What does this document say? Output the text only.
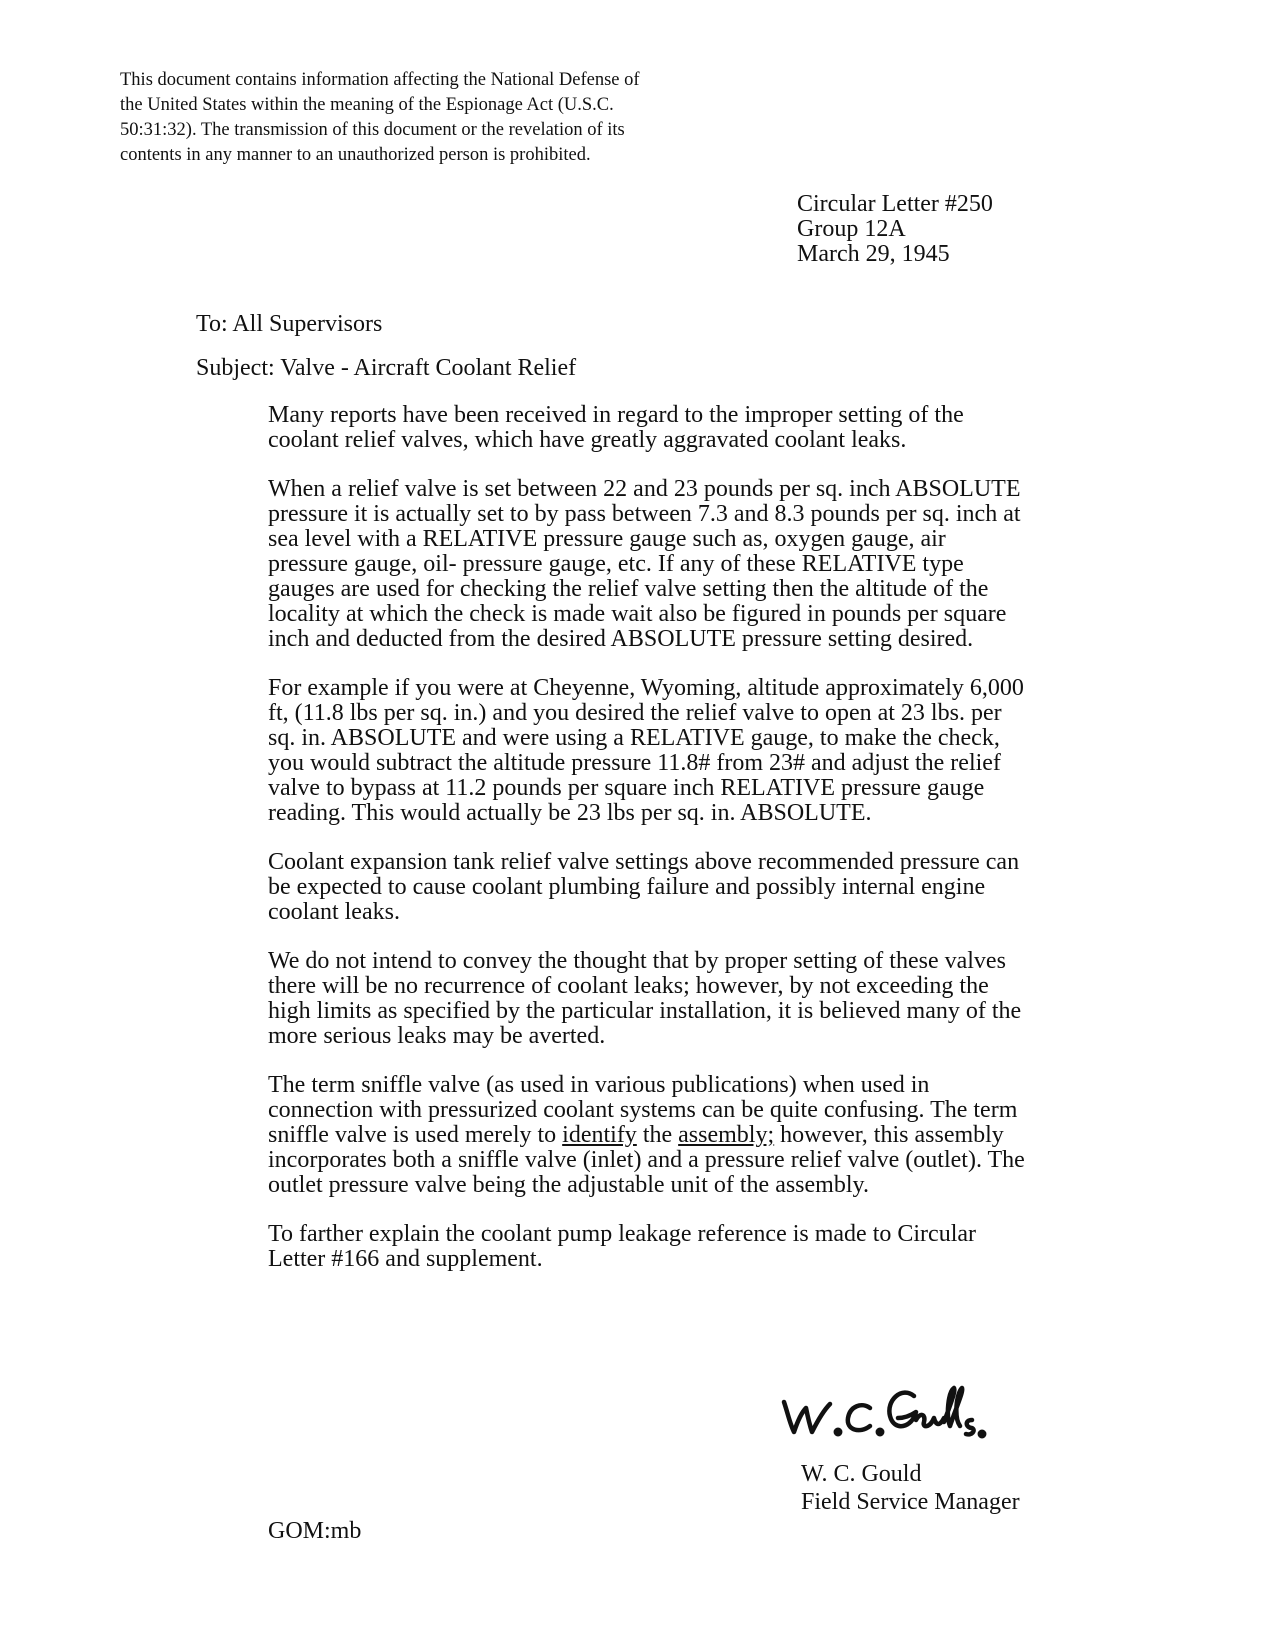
This document contains information affecting the National Defense of the United States within the meaning of the Espionage Act (U.S.C. 50:31:32). The transmission of this document or the revelation of its contents in any manner to an unauthorized person is prohibited.
Circular Letter #250
Group 12A
March 29, 1945
To: All Supervisors
Subject: Valve - Aircraft Coolant Relief

Many reports have been received in regard to the improper setting of the coolant relief valves, which have greatly aggravated coolant leaks.

When a relief valve is set between 22 and 23 pounds per sq. inch ABSOLUTE pressure it is actually set to by pass between 7.3 and 8.3 pounds per sq. inch at sea level with a RELATIVE pressure gauge such as, oxygen gauge, air pressure gauge, oil- pressure gauge, etc. If any of these RELATIVE type gauges are used for checking the relief valve setting then the altitude of the locality at which the check is made wait also be figured in pounds per square inch and deducted from the desired ABSOLUTE pressure setting desired.

For example if you were at Cheyenne, Wyoming, altitude approximately 6,000 ft, (11.8 lbs per sq. in.) and you desired the relief valve to open at 23 lbs. per sq. in. ABSOLUTE and were using a RELATIVE gauge, to make the check, you would subtract the altitude pressure 11.8# from 23# and adjust the relief valve to bypass at 11.2 pounds per square inch RELATIVE pressure gauge reading. This would actually be 23 lbs per sq. in. ABSOLUTE.

Coolant expansion tank relief valve settings above recommended pressure can be expected to cause coolant plumbing failure and possibly internal engine coolant leaks.

We do not intend to convey the thought that by proper setting of these valves there will be no recurrence of coolant leaks; however, by not exceeding the high limits as specified by the particular installation, it is believed many of the more serious leaks may be averted.

The term sniffle valve (as used in various publications) when used in connection with pressurized coolant systems can be quite confusing. The term sniffle valve is used merely to identify the assembly; however, this assembly incorporates both a sniffle valve (inlet) and a pressure relief valve (outlet). The outlet pressure valve being the adjustable unit of the assembly.

To farther explain the coolant pump leakage reference is made to Circular Letter #166 and supplement.

W. C. Gould
Field Service Manager
GOM:mb
